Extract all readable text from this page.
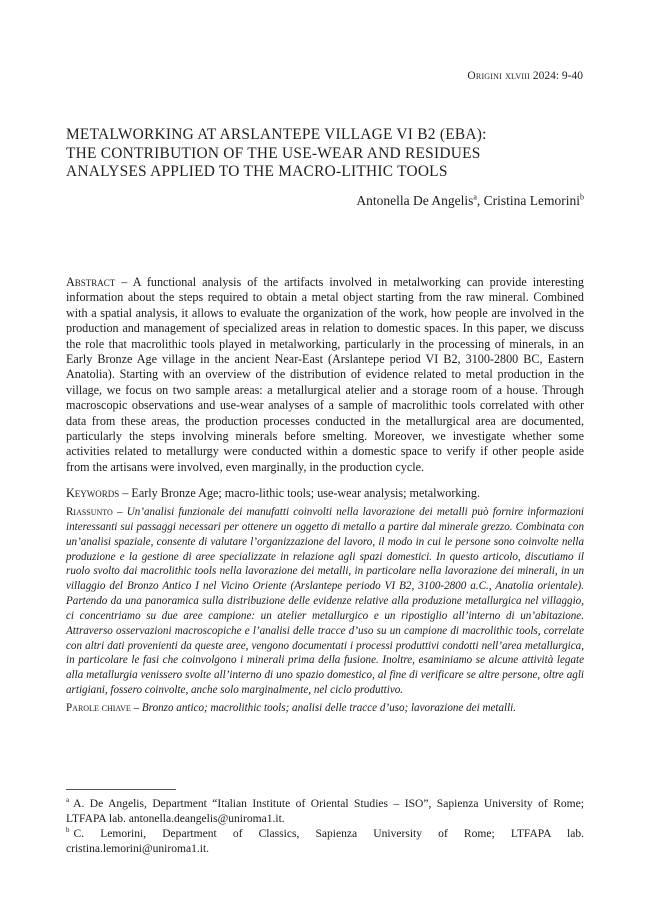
Origini xlviii 2024: 9-40
METALWORKING AT ARSLANTEPE VILLAGE VI B2 (EBA):
THE CONTRIBUTION OF THE USE-WEAR AND RESIDUES
ANALYSES APPLIED TO THE MACRO-LITHIC TOOLS
Antonella De Angelis$^a$, Cristina Lemorini$^b$

Abstract – A functional analysis of the artifacts involved in metalworking can provide interesting information about the steps required to obtain a metal object starting from the raw mineral. Combined with a spatial analysis, it allows to evaluate the organization of the work, how people are involved in the production and management of specialized areas in relation to domestic spaces. In this paper, we discuss the role that macrolithic tools played in metalworking, particularly in the processing of minerals, in an Early Bronze Age village in the ancient Near-East (Arslantepe period VI B2, 3100-2800 BC, Eastern Anatolia). Starting with an overview of the distribution of evidence related to metal production in the village, we focus on two sample areas: a metallurgical atelier and a storage room of a house. Through macroscopic observations and use-wear analyses of a sample of macrolithic tools correlated with other data from these areas, the production processes conducted in the metallurgical area are documented, particularly the steps involving minerals before smelting. Moreover, we investigate whether some activities related to metallurgy were conducted within a domestic space to verify if other people aside from the artisans were involved, even marginally, in the production cycle.

Keywords – Early Bronze Age; macro-lithic tools; use-wear analysis; metalworking.

Riassunto – Un’analisi funzionale dei manufatti coinvolti nella lavorazione dei metalli può fornire informazioni interessanti sui passaggi necessari per ottenere un oggetto di metallo a partire dal minerale grezzo. Combinata con un’analisi spaziale, consente di valutare l’organizzazione del lavoro, il modo in cui le persone sono coinvolte nella produzione e la gestione di aree specializzate in relazione agli spazi domestici. In questo articolo, discutiamo il ruolo svolto dai macrolithic tools nella lavorazione dei metalli, in particolare nella lavorazione dei minerali, in un villaggio del Bronzo Antico I nel Vicino Oriente (Arslantepe periodo VI B2, 3100-2800 a.C., Anatolia orientale). Partendo da una panoramica sulla distribuzione delle evidenze relative alla produzione metallurgica nel villaggio, ci concentriamo su due aree campione: un atelier metallurgico e un ripostiglio all’interno di un’abitazione. Attraverso osservazioni macroscopiche e l’analisi delle tracce d’uso su un campione di macrolithic tools, correlate con altri dati provenienti da queste aree, vengono documentati i processi produttivi condotti nell’area metallurgica, in particolare le fasi che coinvolgono i minerali prima della fusione. Inoltre, esaminiamo se alcune attività legate alla metallurgia venissero svolte all’interno di uno spazio domestico, al fine di verificare se altre persone, oltre agli artigiani, fossero coinvolte, anche solo marginalmente, nel ciclo produttivo.

Parole chiave – Bronzo antico; macrolithic tools; analisi delle tracce d’uso; lavorazione dei metalli.

$^a$ A. De Angelis, Department “Italian Institute of Oriental Studies – ISO”, Sapienza University of Rome; LTFAPA lab. antonella.deangelis@uniroma1.it.

$^b$ C. Lemorini, Department of Classics, Sapienza University of Rome; LTFAPA lab. cristina.lemorini@uniroma1.it.
